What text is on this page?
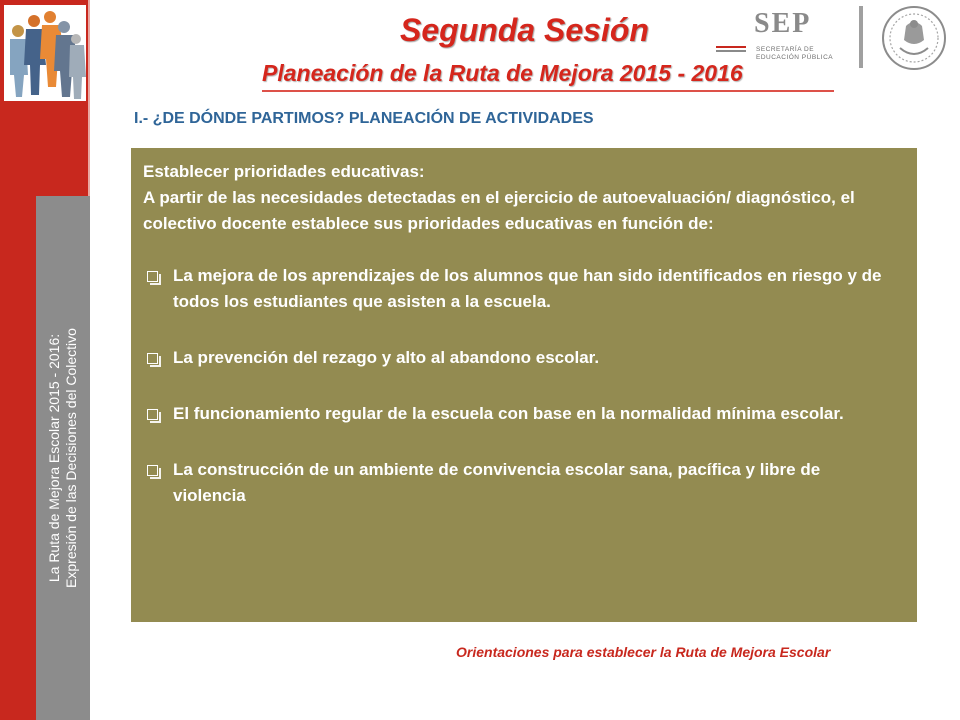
La Ruta de Mejora Escolar 2015 - 2016: Expresión de las Decisiones del Colectivo
Segunda Sesión
Planeación de la Ruta de Mejora 2015 - 2016
SEP
SECRETARÍA DE
EDUCACIÓN PÚBLICA
I.- ¿DE DÓNDE PARTIMOS? PLANEACIÓN DE ACTIVIDADES

Establecer prioridades educativas:

A partir de las necesidades detectadas en el ejercicio de autoevaluación/ diagnóstico, el colectivo docente establece sus prioridades educativas en función de:

La mejora de los aprendizajes de los alumnos que han sido identificados en riesgo y de todos los estudiantes que asisten a la escuela.
La prevención del rezago y alto al abandono escolar.
El funcionamiento regular de la escuela con base en la normalidad mínima escolar.
La construcción de un ambiente de convivencia escolar sana, pacífica y libre de violencia
Orientaciones para establecer la Ruta de Mejora Escolar
